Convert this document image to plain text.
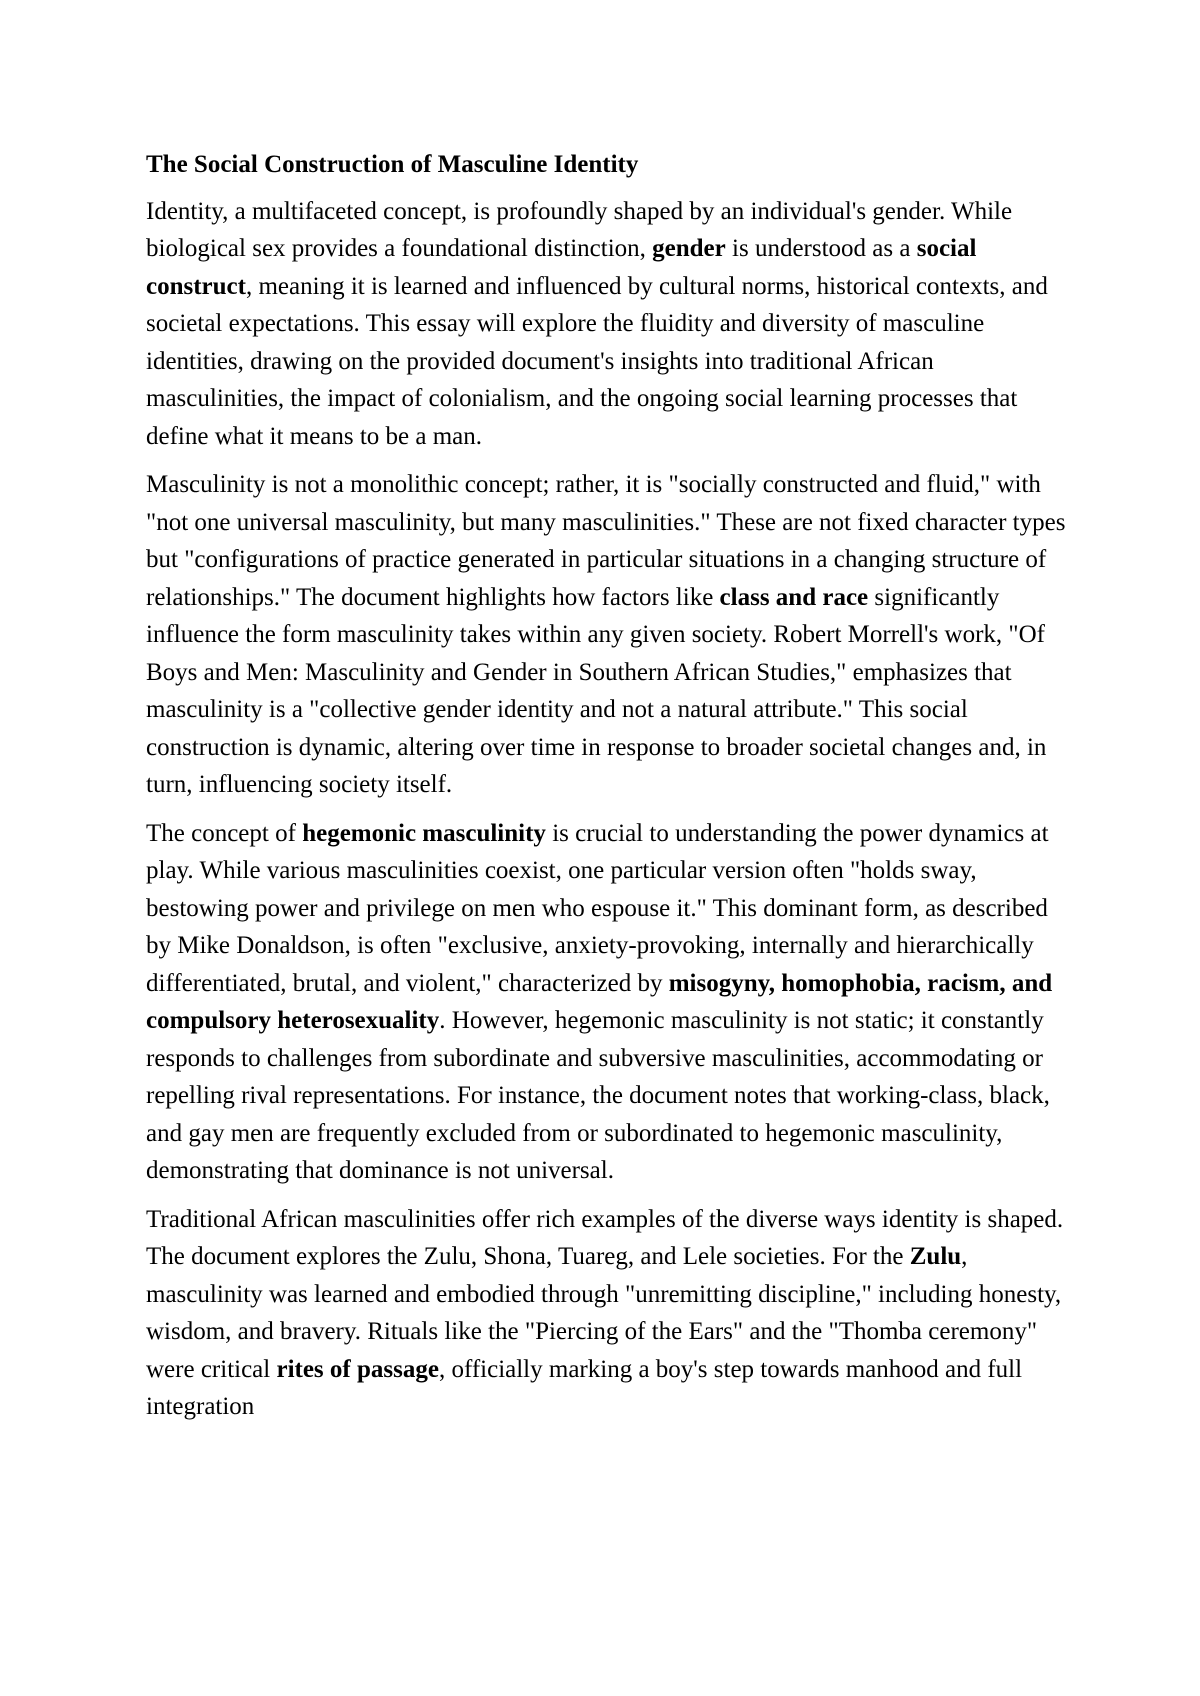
The Social Construction of Masculine Identity

Identity, a multifaceted concept, is profoundly shaped by an individual's gender. While biological sex provides a foundational distinction, gender is understood as a social construct, meaning it is learned and influenced by cultural norms, historical contexts, and societal expectations. This essay will explore the fluidity and diversity of masculine identities, drawing on the provided document's insights into traditional African masculinities, the impact of colonialism, and the ongoing social learning processes that define what it means to be a man.

Masculinity is not a monolithic concept; rather, it is "socially constructed and fluid," with "not one universal masculinity, but many masculinities." These are not fixed character types but "configurations of practice generated in particular situations in a changing structure of relationships." The document highlights how factors like class and race significantly influence the form masculinity takes within any given society. Robert Morrell's work, "Of Boys and Men: Masculinity and Gender in Southern African Studies," emphasizes that masculinity is a "collective gender identity and not a natural attribute." This social construction is dynamic, altering over time in response to broader societal changes and, in turn, influencing society itself.

The concept of hegemonic masculinity is crucial to understanding the power dynamics at play. While various masculinities coexist, one particular version often "holds sway, bestowing power and privilege on men who espouse it." This dominant form, as described by Mike Donaldson, is often "exclusive, anxiety-provoking, internally and hierarchically differentiated, brutal, and violent," characterized by misogyny, homophobia, racism, and compulsory heterosexuality. However, hegemonic masculinity is not static; it constantly responds to challenges from subordinate and subversive masculinities, accommodating or repelling rival representations. For instance, the document notes that working-class, black, and gay men are frequently excluded from or subordinated to hegemonic masculinity, demonstrating that dominance is not universal.

Traditional African masculinities offer rich examples of the diverse ways identity is shaped. The document explores the Zulu, Shona, Tuareg, and Lele societies. For the Zulu, masculinity was learned and embodied through "unremitting discipline," including honesty, wisdom, and bravery. Rituals like the "Piercing of the Ears" and the "Thomba ceremony" were critical rites of passage, officially marking a boy's step towards manhood and full integration
